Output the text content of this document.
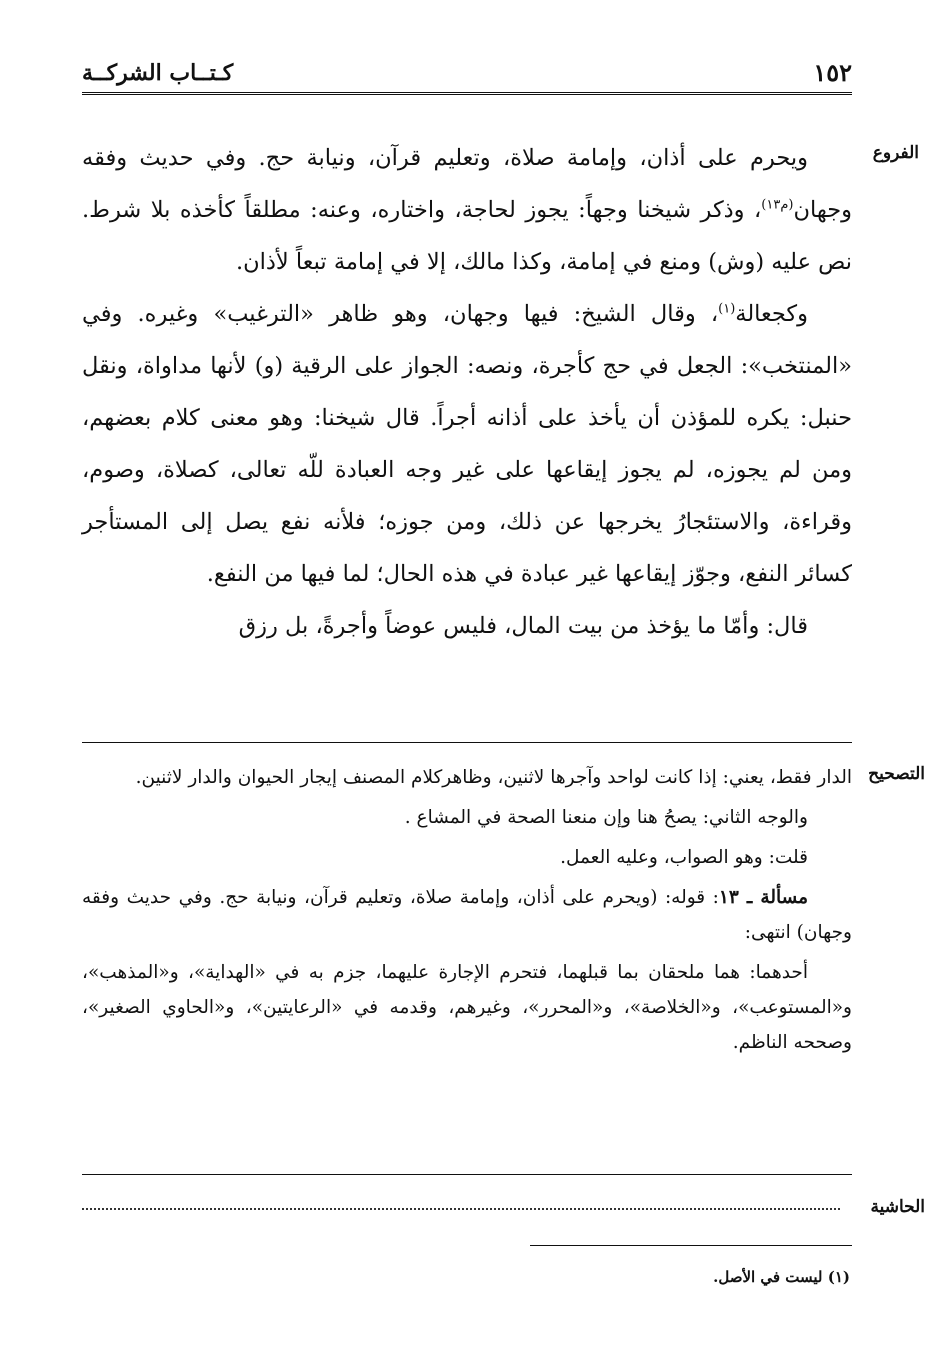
١٥٢
كـتــاب الشركــة
الفروع

ويحرم على أذان، وإمامة صلاة، وتعليم قرآن، ونيابة حج. وفي حديث وفقه وجهان$^{(م١٣)}$، وذكر شيخنا وجهاً: يجوز لحاجة، واختاره، وعنه: مطلقاً كأخذه بلا شرط. نص عليه (وش) ومنع في إمامة، وكذا مالك، إلا في إمامة تبعاً لأذان.

وكجعالة$^{(١)}$، وقال الشيخ: فيها وجهان، وهو ظاهر «الترغيب» وغيره. وفي «المنتخب»: الجعل في حج كأجرة، ونصه: الجواز على الرقية (و) لأنها مداواة، ونقل حنبل: يكره للمؤذن أن يأخذ على أذانه أجراً. قال شيخنا: وهو معنى كلام بعضهم، ومن لم يجوزه، لم يجوز إيقاعها على غير وجه العبادة للّه تعالى، كصلاة، وصوم، وقراءة، والاستئجارُ يخرجها عن ذلك، ومن جوزه؛ فلأنه نفع يصل إلى المستأجر كسائر النفع، وجوّز إيقاعها غير عبادة في هذه الحال؛ لما فيها من النفع.

قال: وأمّا ما يؤخذ من بيت المال، فليس عوضاً وأجرةً، بل رزق

التصحيح

الدار فقط، يعني: إذا كانت لواحد وآجرها لاثنين، وظاهركلام المصنف إيجار الحيوان والدار لاثنين.

والوجه الثاني: يصحُ هنا وإن منعنا الصحة في المشاع .

قلت: وهو الصواب، وعليه العمل.

مسألة ـ ١٣: قوله: (ويحرم على أذان، وإمامة صلاة، وتعليم قرآن، ونيابة حج. وفي حديث وفقه وجهان) انتهى:

أحدهما: هما ملحقان بما قبلهما، فتحرم الإجارة عليهما، جزم به في «الهداية»، و«المذهب»، و«المستوعب»، و«الخلاصة»، و«المحرر»، وغيرهم، وقدمه في «الرعايتين»، و«الحاوي الصغير»، وصححه الناظم.

الحاشية
(١) ليست في الأصل.
